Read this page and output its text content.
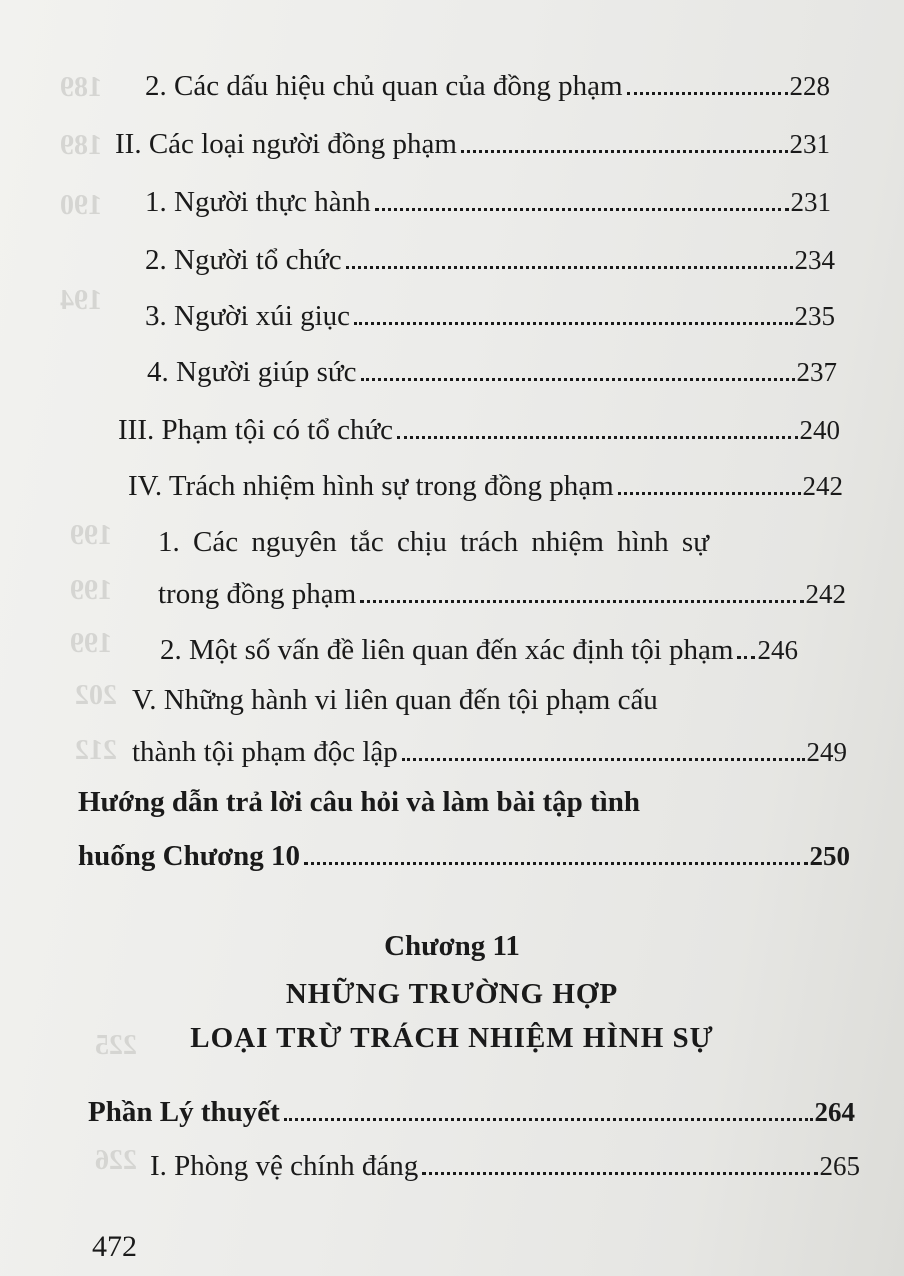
189
189
190
194
199
199
199
202
212
225
226
2. Các dấu hiệu chủ quan của đồng phạm	228
II. Các loại người đồng phạm	231
1. Người thực hành	231
2. Người tổ chức	234
3. Người xúi giục	235
4. Người giúp sức	237
III. Phạm tội có tổ chức	240
IV. Trách nhiệm hình sự trong đồng phạm	242
1. Các nguyên tắc chịu trách nhiệm hình sự
trong đồng phạm	242
2. Một số vấn đề liên quan đến xác định tội phạm 246
V. Những hành vi liên quan đến tội phạm cấu
thành tội phạm độc lập	249
Hướng dẫn trả lời câu hỏi và làm bài tập tình
huống Chương 10	250
Chương 11
NHỮNG TRƯỜNG HỢP
LOẠI TRỪ TRÁCH NHIỆM HÌNH SỰ
Phần Lý thuyết	264
I. Phòng vệ chính đáng	265
472
